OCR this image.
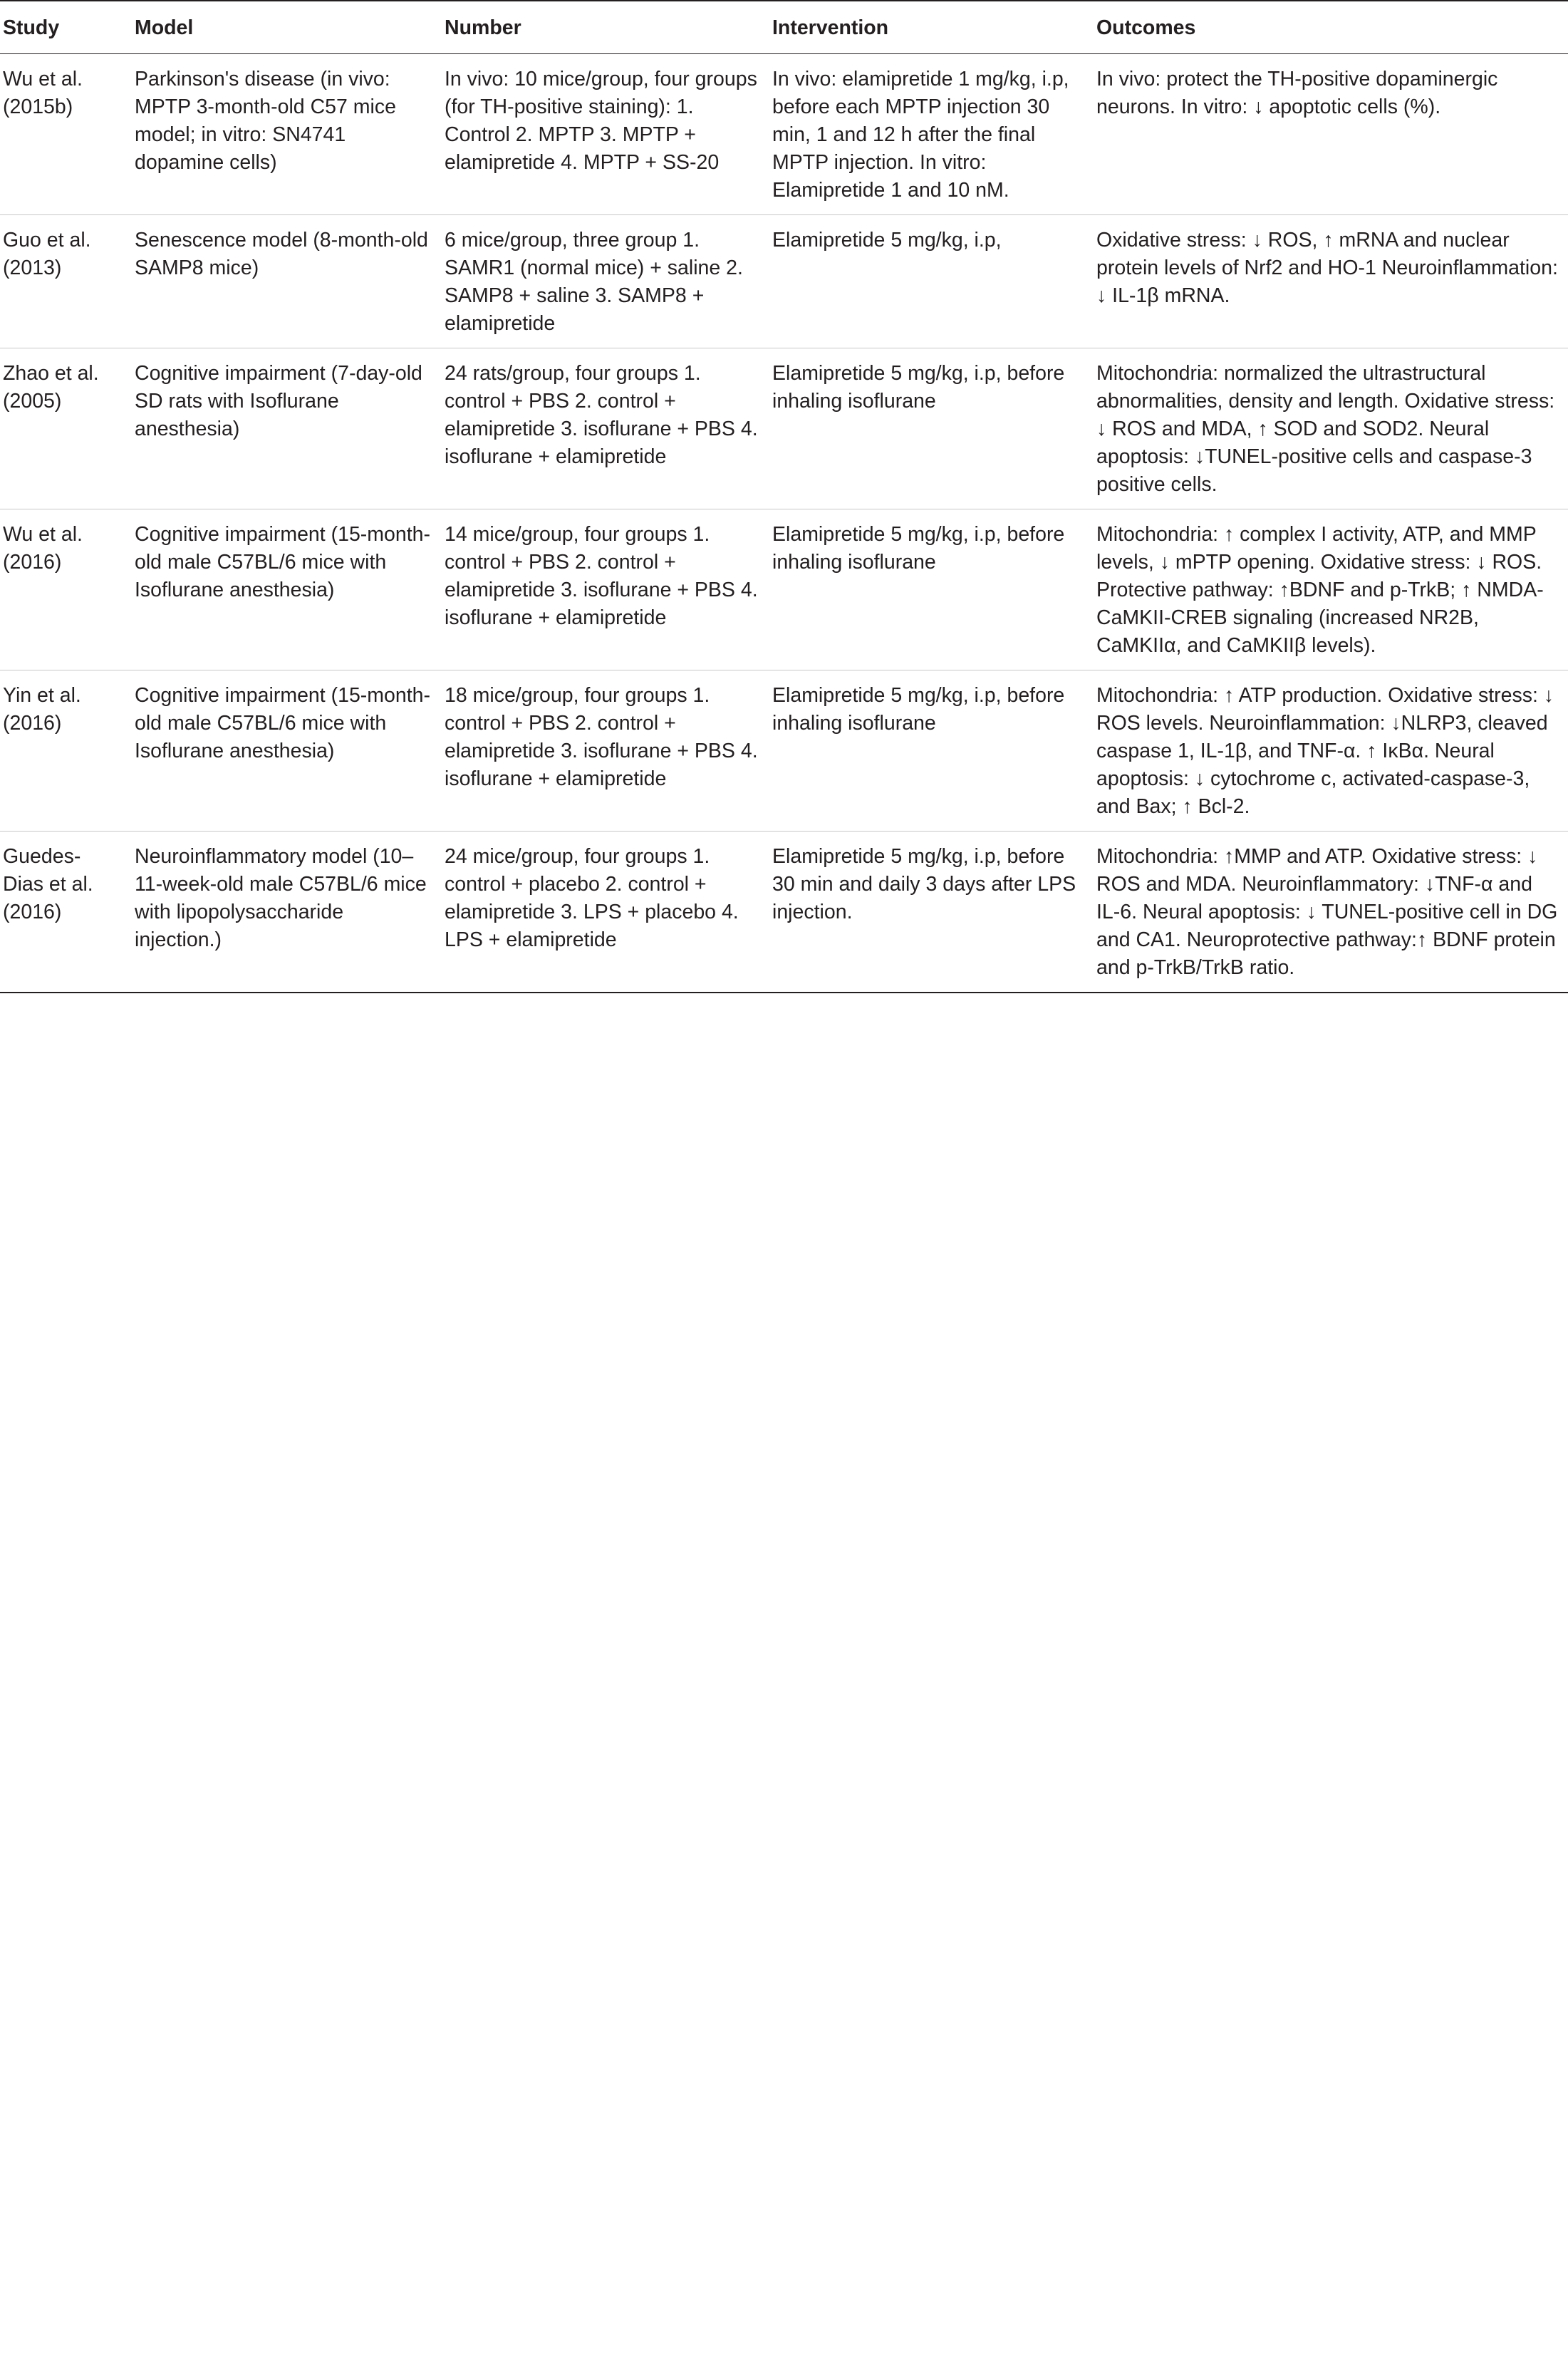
Study	Model	Number	Intervention	Outcomes
Wu et al. (2015b)	Parkinson's disease (in vivo: MPTP 3-month-old C57 mice model; in vitro: SN4741 dopamine cells)	In vivo: 10 mice/group, four groups (for TH-positive staining): 1. Control 2. MPTP 3. MPTP + elamipretide 4. MPTP + SS-20	In vivo: elamipretide 1 mg/kg, i.p, before each MPTP injection 30 min, 1 and 12 h after the final MPTP injection. In vitro: Elamipretide 1 and 10 nM.	In vivo: protect the TH-positive dopaminergic neurons. In vitro: ↓ apoptotic cells (%).
Guo et al. (2013)	Senescence model (8-month-old SAMP8 mice)	6 mice/group, three group 1. SAMR1 (normal mice) + saline 2. SAMP8 + saline 3. SAMP8 + elamipretide	Elamipretide 5 mg/kg, i.p,	Oxidative stress: ↓ ROS, ↑ mRNA and nuclear protein levels of Nrf2 and HO-1 Neuroinflammation: ↓ IL-1β mRNA.
Zhao et al. (2005)	Cognitive impairment (7-day-old SD rats with Isoflurane anesthesia)	24 rats/group, four groups 1. control + PBS 2. control + elamipretide 3. isoflurane + PBS 4. isoflurane + elamipretide	Elamipretide 5 mg/kg, i.p, before inhaling isoflurane	Mitochondria: normalized the ultrastructural abnormalities, density and length. Oxidative stress: ↓ ROS and MDA, ↑ SOD and SOD2. Neural apoptosis: ↓TUNEL-positive cells and caspase-3 positive cells.
Wu et al. (2016)	Cognitive impairment (15-month-old male C57BL/6 mice with Isoflurane anesthesia)	14 mice/group, four groups 1. control + PBS 2. control + elamipretide 3. isoflurane + PBS 4. isoflurane + elamipretide	Elamipretide 5 mg/kg, i.p, before inhaling isoflurane	Mitochondria: ↑ complex I activity, ATP, and MMP levels, ↓ mPTP opening. Oxidative stress: ↓ ROS. Protective pathway: ↑BDNF and p-TrkB; ↑ NMDA-CaMKII-CREB signaling (increased NR2B, CaMKIIα, and CaMKIIβ levels).
Yin et al. (2016)	Cognitive impairment (15-month-old male C57BL/6 mice with Isoflurane anesthesia)	18 mice/group, four groups 1. control + PBS 2. control + elamipretide 3. isoflurane + PBS 4. isoflurane + elamipretide	Elamipretide 5 mg/kg, i.p, before inhaling isoflurane	Mitochondria: ↑ ATP production. Oxidative stress: ↓ ROS levels. Neuroinflammation: ↓NLRP3, cleaved caspase 1, IL-1β, and TNF-α. ↑ IκBα. Neural apoptosis: ↓ cytochrome c, activated-caspase-3, and Bax; ↑ Bcl-2.
Guedes-Dias et al. (2016)	Neuroinflammatory model (10–11-week-old male C57BL/6 mice with lipopolysaccharide injection.)	24 mice/group, four groups 1. control + placebo 2. control + elamipretide 3. LPS + placebo 4. LPS + elamipretide	Elamipretide 5 mg/kg, i.p, before 30 min and daily 3 days after LPS injection.	Mitochondria: ↑MMP and ATP. Oxidative stress: ↓ ROS and MDA. Neuroinflammatory: ↓TNF-α and IL-6. Neural apoptosis: ↓ TUNEL-positive cell in DG and CA1. Neuroprotective pathway:↑ BDNF protein and p-TrkB/TrkB ratio.
